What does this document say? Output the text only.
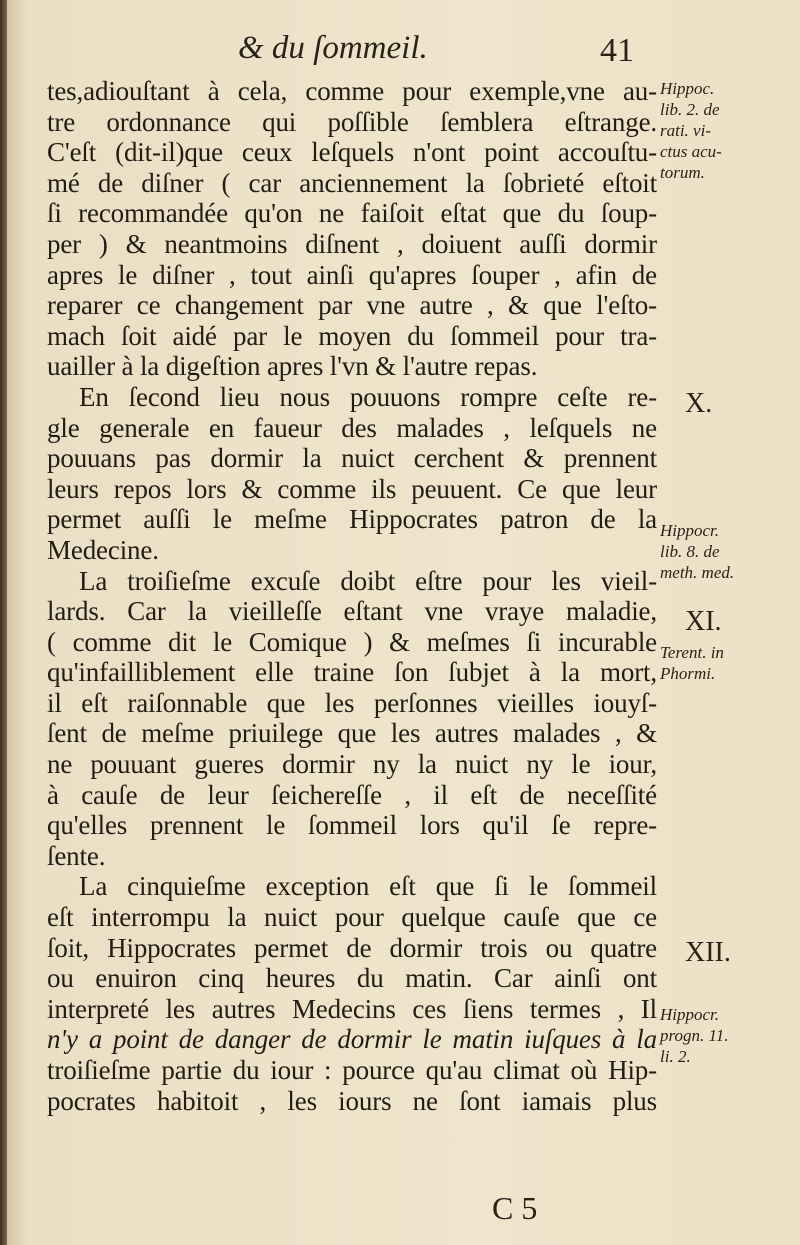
& du ſommeil.	41
tes,adiouſtant à cela, comme pour exemple,vne au-
tre ordonnance qui poſſible ſemblera eſtrange.
C'eſt (dit-il)que ceux leſquels n'ont point accouſtu-
mé de diſner ( car anciennement la ſobrieté eſtoit
ſi recommandée qu'on ne faiſoit eſtat que du ſoup-
per ) & neantmoins diſnent , doiuent auſſi dormir
apres le diſner , tout ainſi qu'apres ſouper , afin de
reparer ce changement par vne autre , & que l'eſto-
mach ſoit aidé par le moyen du ſommeil pour tra-
uailler à la digeſtion apres l'vn & l'autre repas.
En ſecond lieu nous pouuons rompre ceſte re-
gle generale en faueur des malades , leſquels ne
pouuans pas dormir la nuict cerchent & prennent
leurs repos lors & comme ils peuuent. Ce que leur
permet auſſi le meſme Hippocrates patron de la
Medecine.
La troiſieſme excuſe doibt eſtre pour les vieil-
lards. Car la vieilleſſe eſtant vne vraye maladie,
( comme dit le Comique ) & meſmes ſi incurable
qu'infailliblement elle traine ſon ſubjet à la mort,
il eſt raiſonnable que les perſonnes vieilles iouyſ-
ſent de meſme priuilege que les autres malades , &
ne pouuant gueres dormir ny la nuict ny le iour,
à cauſe de leur ſeichereſſe , il eſt de neceſſité
qu'elles prennent le ſommeil lors qu'il ſe repre-
ſente.
La cinquieſme exception eſt que ſi le ſommeil
eſt interrompu la nuict pour quelque cauſe que ce
ſoit, Hippocrates permet de dormir trois ou quatre
ou enuiron cinq heures du matin. Car ainſi ont
interpreté les autres Medecins ces ſiens termes , Il
n'y a point de danger de dormir le matin iuſques à la
troiſieſme partie du iour : pource qu'au climat où Hip-
pocrates habitoit , les iours ne ſont iamais plus
Hippoc.
lib. 2. de
rati. vi-
ctus acu-
torum.
X.
Hippocr.
lib. 8. de
meth. med.
XI.
Terent. in
Phormi.
XII.
Hippocr.
progn. 11.
li. 2.
C 5
